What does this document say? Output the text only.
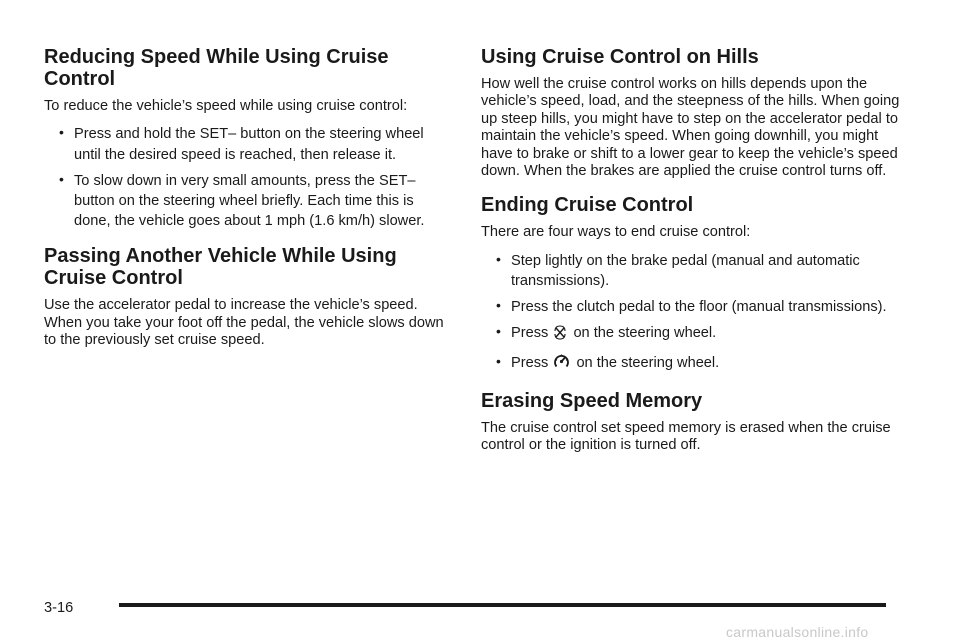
Reducing Speed While Using Cruise Control

To reduce the vehicle’s speed while using cruise control:

• Press and hold the SET– button on the steering wheel until the desired speed is reached, then release it.
• To slow down in very small amounts, press the SET– button on the steering wheel briefly. Each time this is done, the vehicle goes about 1 mph (1.6 km/h) slower.
Passing Another Vehicle While Using Cruise Control

Use the accelerator pedal to increase the vehicle’s speed. When you take your foot off the pedal, the vehicle slows down to the previously set cruise speed.

Using Cruise Control on Hills

How well the cruise control works on hills depends upon the vehicle’s speed, load, and the steepness of the hills. When going up steep hills, you might have to step on the accelerator pedal to maintain the vehicle’s speed. When going downhill, you might have to brake or shift to a lower gear to keep the vehicle’s speed down. When the brakes are applied the cruise control turns off.

Ending Cruise Control

There are four ways to end cruise control:

• Step lightly on the brake pedal (manual and automatic transmissions).
• Press the clutch pedal to the floor (manual transmissions).
• Press on the steering wheel.
• Press on the steering wheel.
Erasing Speed Memory

The cruise control set speed memory is erased when the cruise control or the ignition is turned off.

3-16
carmanualsonline.info
